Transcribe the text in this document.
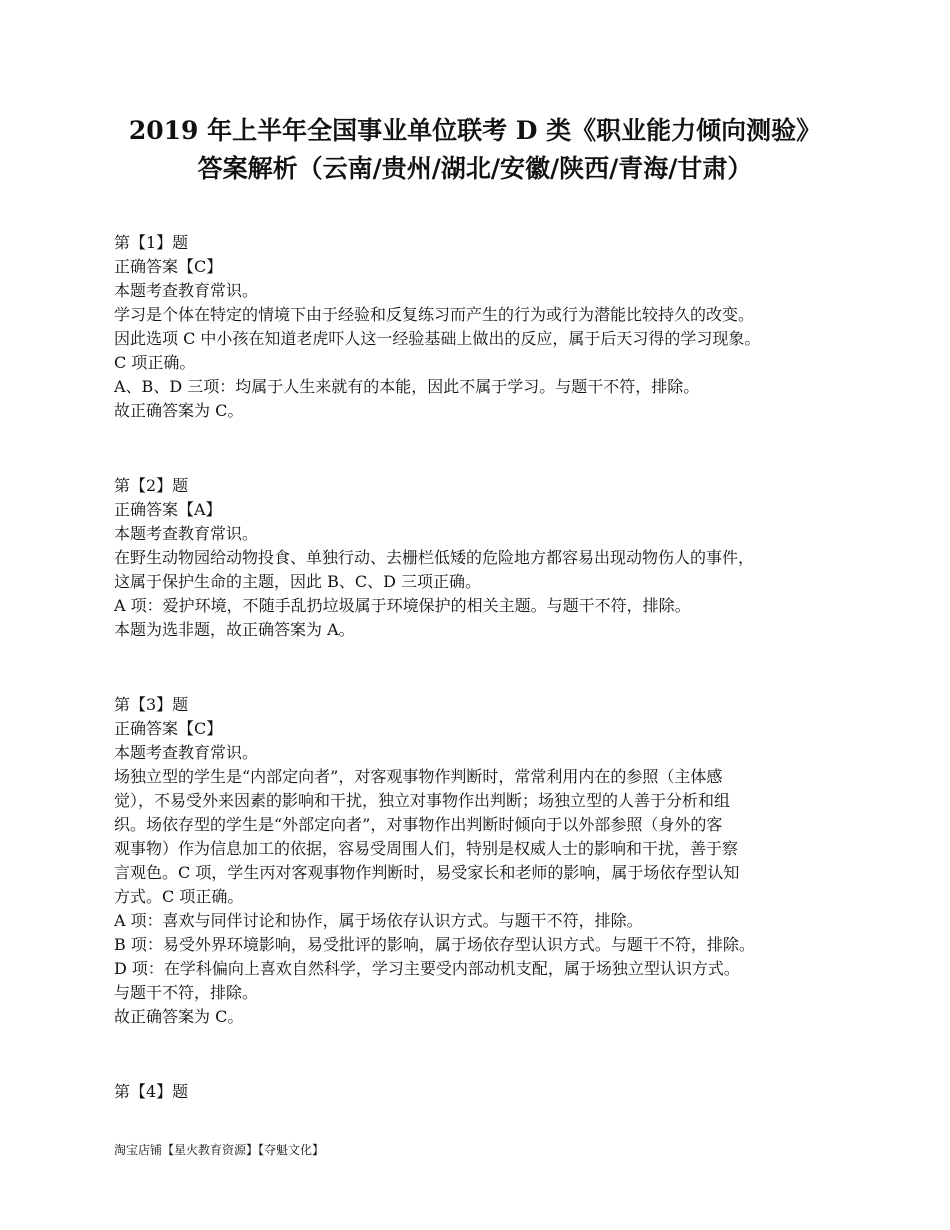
2019 年上半年全国事业单位联考 D 类《职业能力倾向测验》
答案解析（云南/贵州/湖北/安徽/陕西/青海/甘肃）
第【1】题
正确答案【C】
本题考查教育常识。
学习是个体在特定的情境下由于经验和反复练习而产生的行为或行为潜能比较持久的改变。
因此选项 C 中小孩在知道老虎吓人这一经验基础上做出的反应，属于后天习得的学习现象。
C 项正确。
A、B、D 三项：均属于人生来就有的本能，因此不属于学习。与题干不符，排除。
故正确答案为 C。
第【2】题
正确答案【A】
本题考查教育常识。
在野生动物园给动物投食、单独行动、去栅栏低矮的危险地方都容易出现动物伤人的事件，
这属于保护生命的主题，因此 B、C、D 三项正确。
A 项：爱护环境，不随手乱扔垃圾属于环境保护的相关主题。与题干不符，排除。
本题为选非题，故正确答案为 A。
第【3】题
正确答案【C】
本题考查教育常识。
场独立型的学生是“内部定向者”，对客观事物作判断时，常常利用内在的参照（主体感
觉），不易受外来因素的影响和干扰，独立对事物作出判断；场独立型的人善于分析和组
织。场依存型的学生是“外部定向者”，对事物作出判断时倾向于以外部参照（身外的客
观事物）作为信息加工的依据，容易受周围人们，特别是权威人士的影响和干扰，善于察
言观色。C 项，学生丙对客观事物作判断时，易受家长和老师的影响，属于场依存型认知
方式。C 项正确。
A 项：喜欢与同伴讨论和协作，属于场依存认识方式。与题干不符，排除。
B 项：易受外界环境影响，易受批评的影响，属于场依存型认识方式。与题干不符，排除。
D 项：在学科偏向上喜欢自然科学，学习主要受内部动机支配，属于场独立型认识方式。
与题干不符，排除。
故正确答案为 C。
第【4】题
淘宝店铺【星火教育资源】【夺魁文化】
